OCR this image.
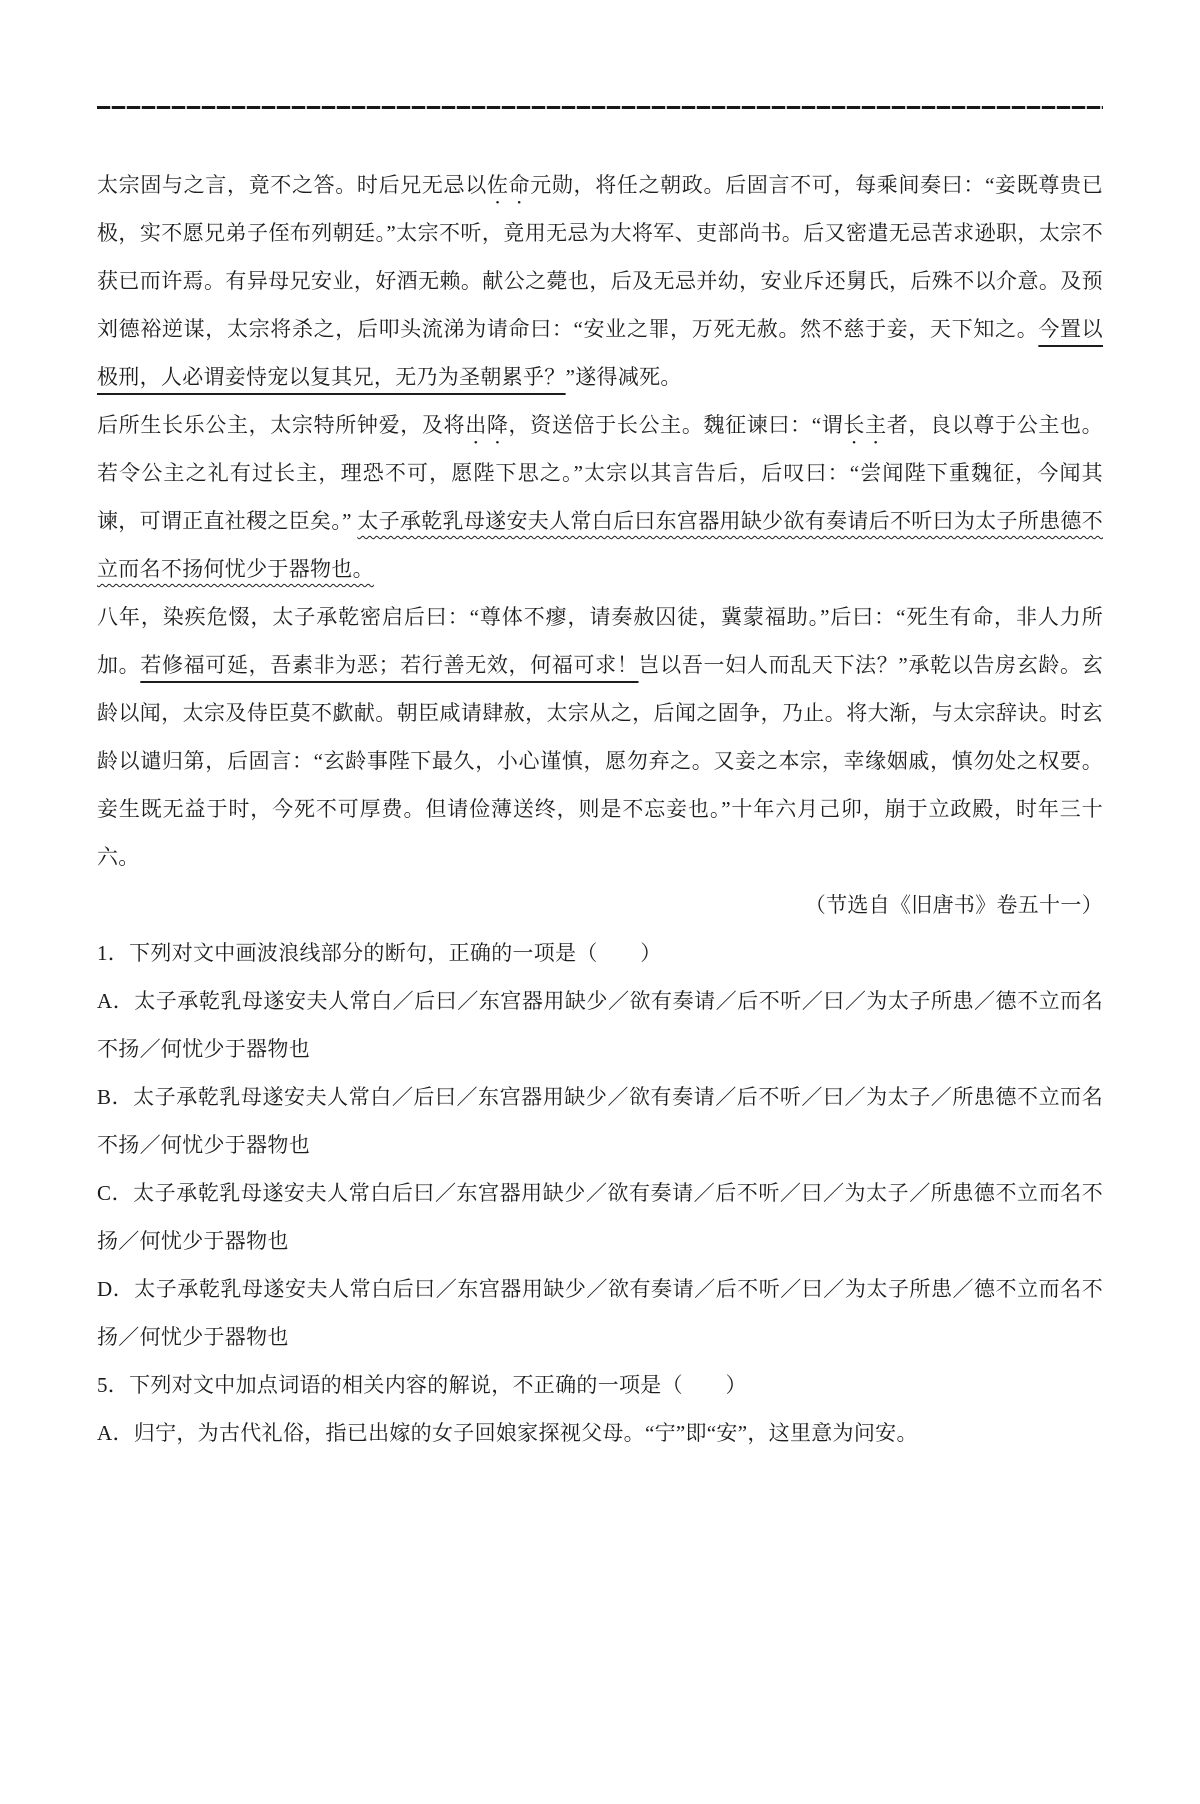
太宗固与之言，竟不之答。时后兄无忌以佐命元勋，将任之朝政。后固言不可，每乘间奏曰：“妾既尊贵已极，实不愿兄弟子侄布列朝廷。”太宗不听，竟用无忌为大将军、吏部尚书。后又密遣无忌苦求逊职，太宗不获已而许焉。有异母兄安业，好酒无赖。献公之薨也，后及无忌并幼，安业斥还舅氏，后殊不以介意。及预刘德裕逆谋，太宗将杀之，后叩头流涕为请命曰：“安业之罪，万死无赦。然不慈于妾，天下知之。今置以极刑，人必谓妾恃宠以复其兄，无乃为圣朝累乎？”遂得减死。
后所生长乐公主，太宗特所钟爱，及将出降，资送倍于长公主。魏征谏曰：“谓长主者，良以尊于公主也。若令公主之礼有过长主，理恐不可，愿陛下思之。”太宗以其言告后，后叹曰：“尝闻陛下重魏征，今闻其谏，可谓正直社稷之臣矣。” 太子承乾乳母遂安夫人常白后曰东宫器用缺少欲有奏请后不听曰为太子所患德不立而名不扬何忧少于器物也。
八年，染疾危惙，太子承乾密启后曰：“尊体不瘳，请奏赦囚徒，冀蒙福助。”后曰：“死生有命，非人力所加。若修福可延，吾素非为恶；若行善无效，何福可求！岂以吾一妇人而乱天下法？”承乾以告房玄龄。玄龄以闻，太宗及侍臣莫不歔献。朝臣咸请肆赦，太宗从之，后闻之固争，乃止。将大渐，与太宗辞诀。时玄龄以谴归第，后固言：“玄龄事陛下最久，小心谨慎，愿勿弃之。又妾之本宗，幸缘姻戚，慎勿处之权要。妾生既无益于时，今死不可厚费。但请俭薄送终，则是不忘妾也。”十年六月己卯，崩于立政殿，时年三十六。
（节选自《旧唐书》卷五十一）
1．下列对文中画波浪线部分的断句，正确的一项是（　　）
A．太子承乾乳母遂安夫人常白／后曰／东宫器用缺少／欲有奏请／后不听／曰／为太子所患／德不立而名不扬／何忧少于器物也
B．太子承乾乳母遂安夫人常白／后曰／东宫器用缺少／欲有奏请／后不听／曰／为太子／所患德不立而名不扬／何忧少于器物也
C．太子承乾乳母遂安夫人常白后曰／东宫器用缺少／欲有奏请／后不听／曰／为太子／所患德不立而名不扬／何忧少于器物也
D．太子承乾乳母遂安夫人常白后曰／东宫器用缺少／欲有奏请／后不听／曰／为太子所患／德不立而名不扬／何忧少于器物也
5．下列对文中加点词语的相关内容的解说，不正确的一项是（　　）
A．归宁，为古代礼俗，指已出嫁的女子回娘家探视父母。“宁”即“安”，这里意为问安。
